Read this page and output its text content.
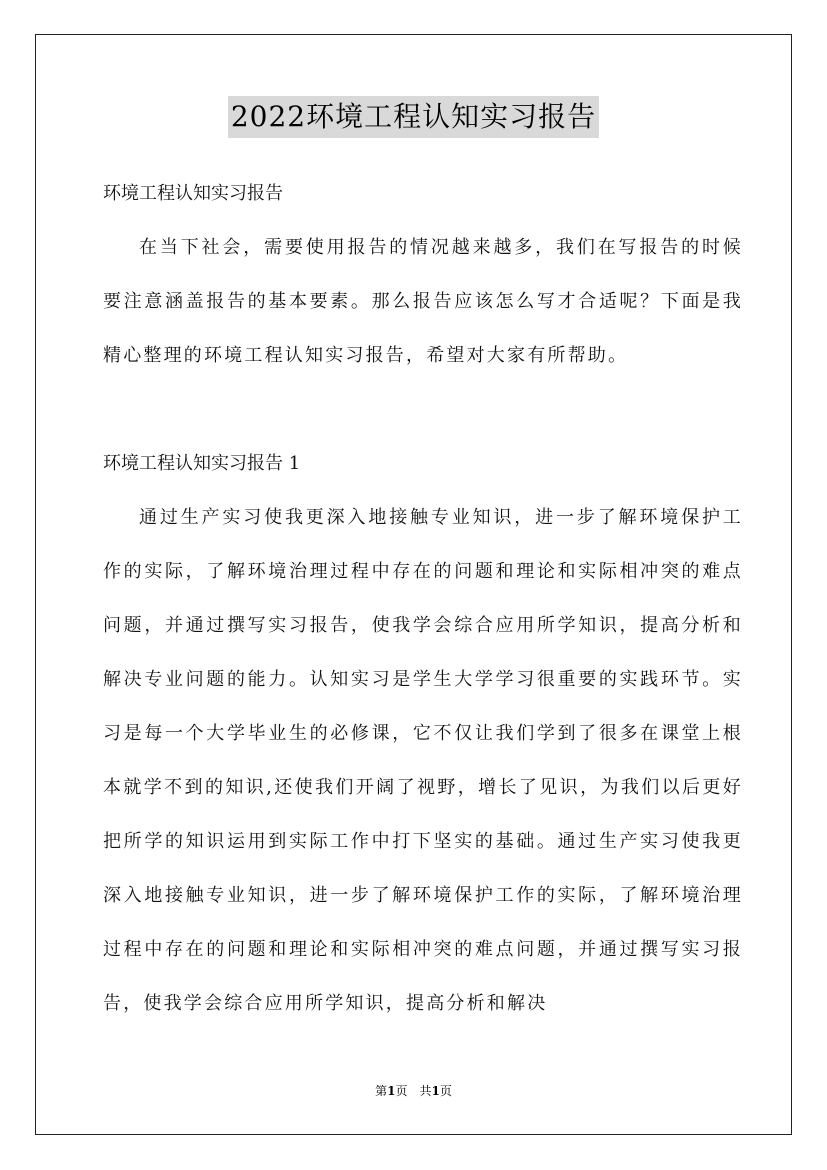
2022环境工程认知实习报告
环境工程认知实习报告

在当下社会，需要使用报告的情况越来越多，我们在写报告的时候要注意涵盖报告的基本要素。那么报告应该怎么写才合适呢？下面是我精心整理的环境工程认知实习报告，希望对大家有所帮助。

环境工程认知实习报告 1

通过生产实习使我更深入地接触专业知识，进一步了解环境保护工作的实际，了解环境治理过程中存在的问题和理论和实际相冲突的难点问题，并通过撰写实习报告，使我学会综合应用所学知识，提高分析和解决专业问题的能力。认知实习是学生大学学习很重要的实践环节。实习是每一个大学毕业生的必修课，它不仅让我们学到了很多在课堂上根本就学不到的知识,还使我们开阔了视野，增长了见识，为我们以后更好把所学的知识运用到实际工作中打下坚实的基础。通过生产实习使我更深入地接触专业知识，进一步了解环境保护工作的实际，了解环境治理过程中存在的问题和理论和实际相冲突的难点问题，并通过撰写实习报告，使我学会综合应用所学知识，提高分析和解决

第1页　共1页
